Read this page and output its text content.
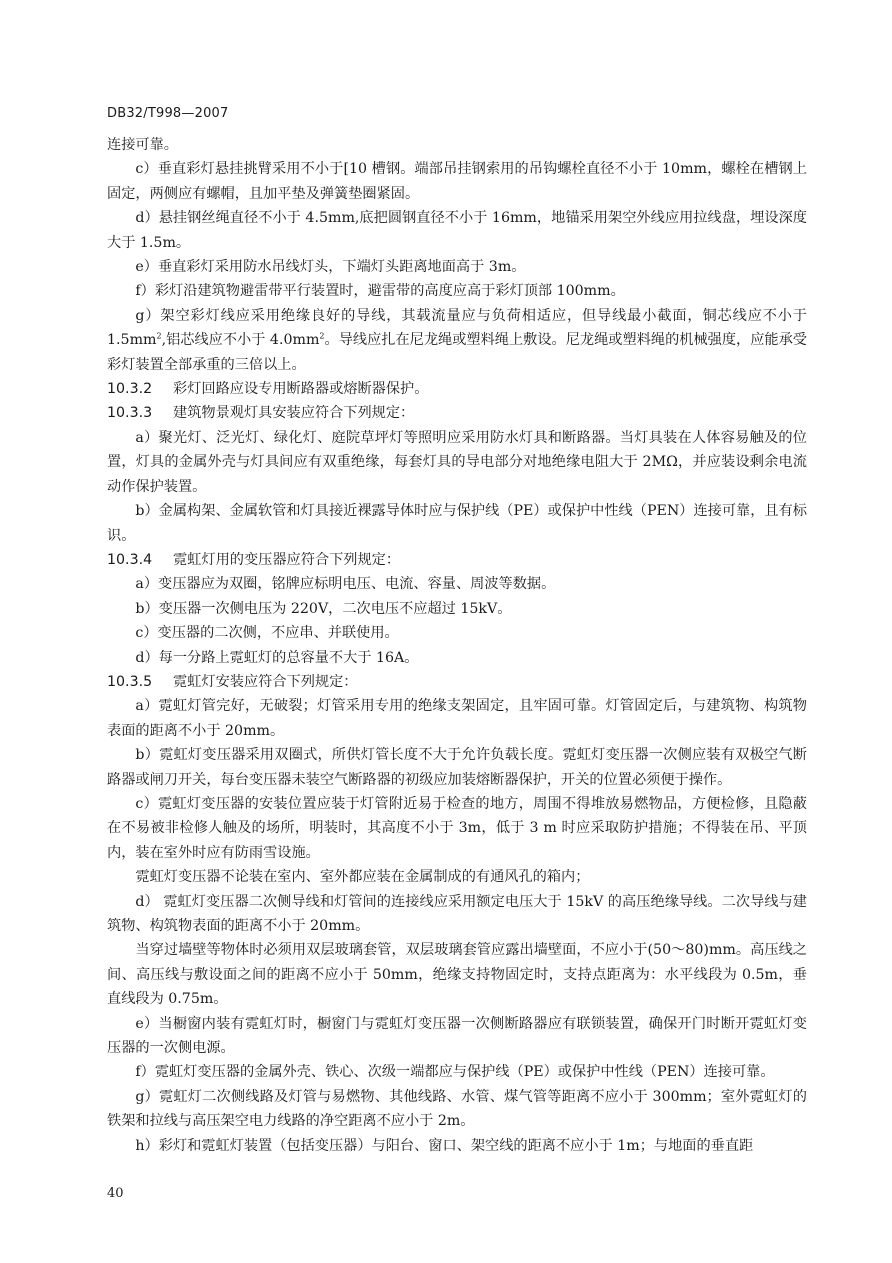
DB32/T998—2007

连接可靠。

c）垂直彩灯悬挂挑臂采用不小于[10 槽钢。端部吊挂钢索用的吊钩螺栓直径不小于 10mm，螺栓在槽钢上固定，两侧应有螺帽，且加平垫及弹簧垫圈紧固。

d）悬挂钢丝绳直径不小于 4.5mm,底把圆钢直径不小于 16mm，地锚采用架空外线应用拉线盘，埋设深度大于 1.5m。

e）垂直彩灯采用防水吊线灯头，下端灯头距离地面高于 3m。

f）彩灯沿建筑物避雷带平行装置时，避雷带的高度应高于彩灯顶部 100mm。

g）架空彩灯线应采用绝缘良好的导线，其载流量应与负荷相适应，但导线最小截面，铜芯线应不小于 $1.5mm^2$,铝芯线应不小于 $4.0mm^2$。导线应扎在尼龙绳或塑料绳上敷设。尼龙绳或塑料绳的机械强度，应能承受彩灯装置全部承重的三倍以上。

10.3.2 彩灯回路应设专用断路器或熔断器保护。

10.3.3 建筑物景观灯具安装应符合下列规定：

a）聚光灯、泛光灯、绿化灯、庭院草坪灯等照明应采用防水灯具和断路器。当灯具装在人体容易触及的位置，灯具的金属外壳与灯具间应有双重绝缘，每套灯具的导电部分对地绝缘电阻大于 2MΩ，并应装设剩余电流动作保护装置。

b）金属构架、金属软管和灯具接近裸露导体时应与保护线（PE）或保护中性线（PEN）连接可靠，且有标识。

10.3.4 霓虹灯用的变压器应符合下列规定：

a）变压器应为双圈，铭牌应标明电压、电流、容量、周波等数据。

b）变压器一次侧电压为 220V，二次电压不应超过 15kV。

c）变压器的二次侧，不应串、并联使用。

d）每一分路上霓虹灯的总容量不大于 16A。

10.3.5 霓虹灯安装应符合下列规定：

a）霓虹灯管完好，无破裂；灯管采用专用的绝缘支架固定，且牢固可靠。灯管固定后，与建筑物、构筑物表面的距离不小于 20mm。

b）霓虹灯变压器采用双圈式，所供灯管长度不大于允许负载长度。霓虹灯变压器一次侧应装有双极空气断路器或闸刀开关，每台变压器未装空气断路器的初级应加装熔断器保护，开关的位置必须便于操作。

c）霓虹灯变压器的安装位置应装于灯管附近易于检查的地方，周围不得堆放易燃物品，方便检修，且隐蔽在不易被非检修人触及的场所，明装时，其高度不小于 3m，低于 3 m 时应采取防护措施；不得装在吊、平顶内，装在室外时应有防雨雪设施。

霓虹灯变压器不论装在室内、室外都应装在金属制成的有通风孔的箱内；

d） 霓虹灯变压器二次侧导线和灯管间的连接线应采用额定电压大于 15kV 的高压绝缘导线。二次导线与建筑物、构筑物表面的距离不小于 20mm。

当穿过墙壁等物体时必须用双层玻璃套管，双层玻璃套管应露出墙壁面，不应小于(50～80)mm。高压线之间、高压线与敷设面之间的距离不应小于 50mm，绝缘支持物固定时，支持点距离为：水平线段为 0.5m，垂直线段为 0.75m。

e）当橱窗内装有霓虹灯时，橱窗门与霓虹灯变压器一次侧断路器应有联锁装置，确保开门时断开霓虹灯变压器的一次侧电源。

f）霓虹灯变压器的金属外壳、铁心、次级一端都应与保护线（PE）或保护中性线（PEN）连接可靠。

g）霓虹灯二次侧线路及灯管与易燃物、其他线路、水管、煤气管等距离不应小于 300mm；室外霓虹灯的铁架和拉线与高压架空电力线路的净空距离不应小于 2m。

h）彩灯和霓虹灯装置（包括变压器）与阳台、窗口、架空线的距离不应小于 1m；与地面的垂直距

40
